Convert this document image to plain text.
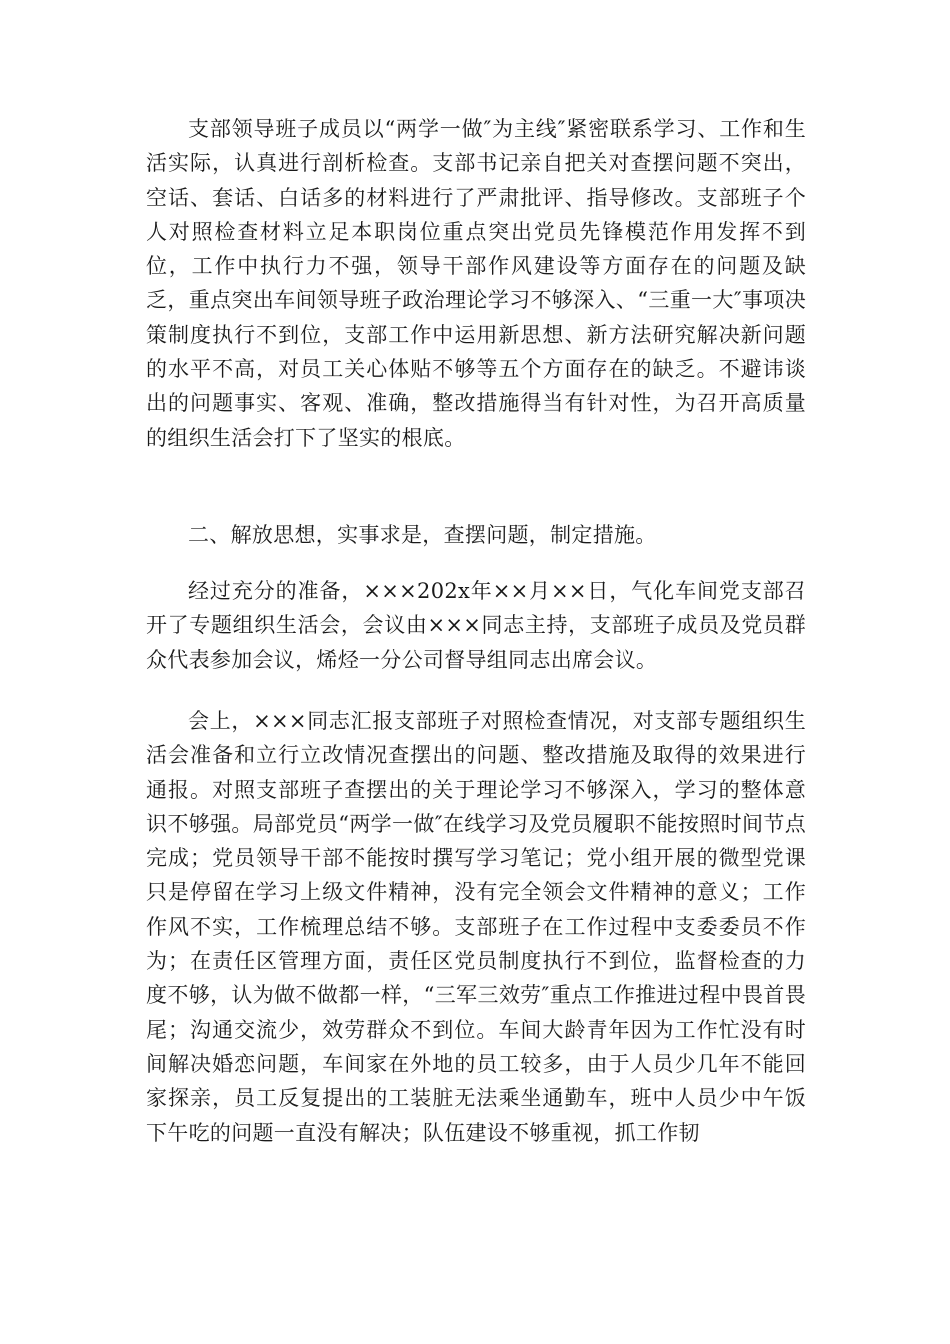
支部领导班子成员以“两学一做″为主线″紧密联系学习、工作和生活实际，认真进行剖析检查。支部书记亲自把关对查摆问题不突出，空话、套话、白话多的材料进行了严肃批评、指导修改。支部班子个人对照检查材料立足本职岗位重点突出党员先锋模范作用发挥不到位，工作中执行力不强，领导干部作风建设等方面存在的问题及缺乏，重点突出车间领导班子政治理论学习不够深入、“三重一大″事项决策制度执行不到位，支部工作中运用新思想、新方法研究解决新问题的水平不高，对员工关心体贴不够等五个方面存在的缺乏。不避讳谈出的问题事实、客观、准确，整改措施得当有针对性，为召开高质量的组织生活会打下了坚实的根底。

二、解放思想，实事求是，查摆问题，制定措施。

经过充分的准备，×××202x年××月××日，气化车间党支部召开了专题组织生活会，会议由×××同志主持，支部班子成员及党员群众代表参加会议，烯烃一分公司督导组同志出席会议。

会上，×××同志汇报支部班子对照检查情况，对支部专题组织生活会准备和立行立改情况查摆出的问题、整改措施及取得的效果进行通报。对照支部班子查摆出的关于理论学习不够深入，学习的整体意识不够强。局部党员“两学一做″在线学习及党员履职不能按照时间节点完成；党员领导干部不能按时撰写学习笔记；党小组开展的微型党课只是停留在学习上级文件精神，没有完全领会文件精神的意义；工作作风不实，工作梳理总结不够。支部班子在工作过程中支委委员不作为；在责任区管理方面，责任区党员制度执行不到位，监督检查的力度不够，认为做不做都一样，“三军三效劳″重点工作推进过程中畏首畏尾；沟通交流少，效劳群众不到位。车间大龄青年因为工作忙没有时间解决婚恋问题，车间家在外地的员工较多，由于人员少几年不能回家探亲，员工反复提出的工装脏无法乘坐通勤车，班中人员少中午饭下午吃的问题一直没有解决；队伍建设不够重视，抓工作韧
